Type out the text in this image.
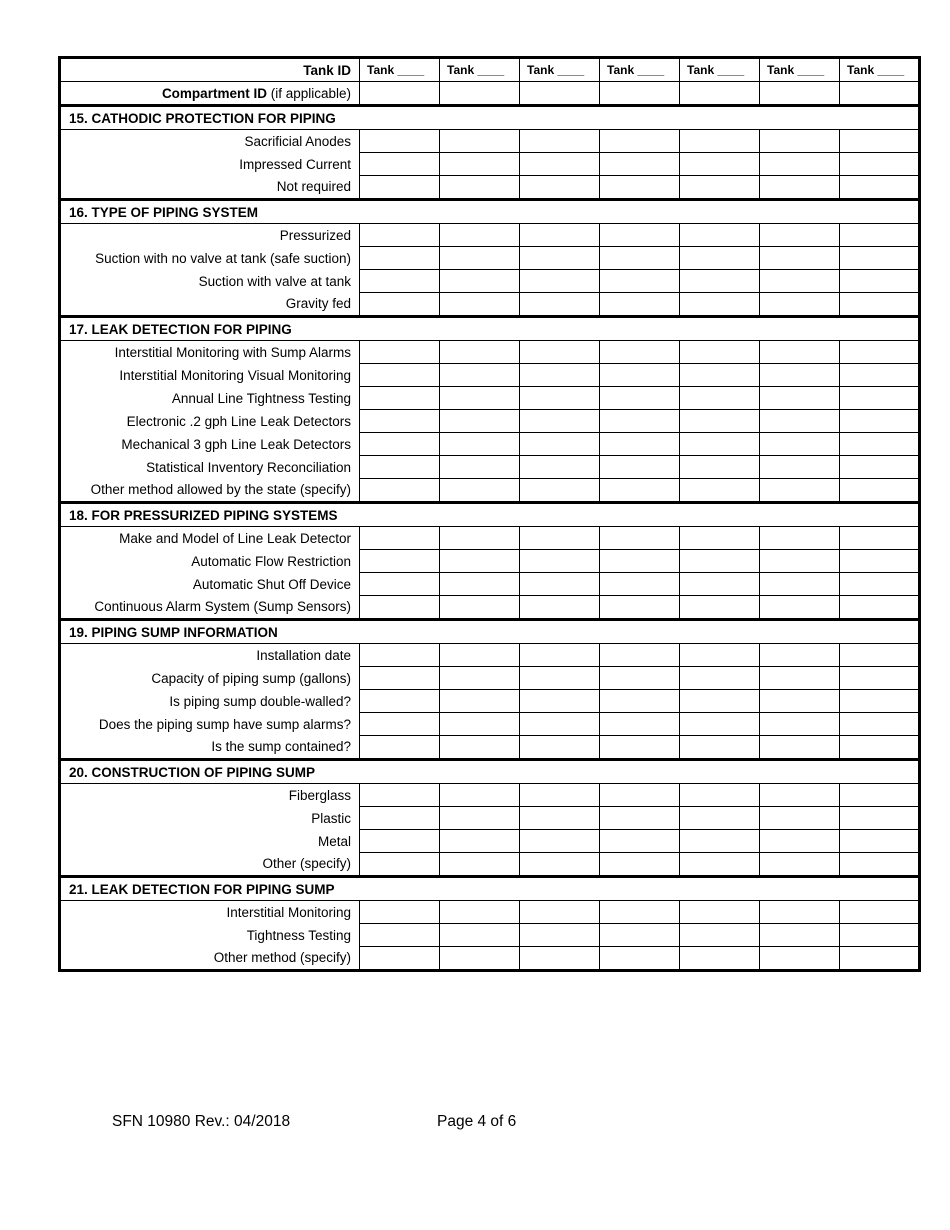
Tank ID	Tank ____	Tank ____	Tank ____	Tank ____	Tank ____	Tank ____	Tank ____
Compartment ID (if applicable)							
15. CATHODIC PROTECTION FOR PIPING							
Sacrificial Anodes							
Impressed Current							
Not required							
16. TYPE OF PIPING SYSTEM							
Pressurized							
Suction with no valve at tank (safe suction)							
Suction with valve at tank							
Gravity fed							
17. LEAK DETECTION FOR PIPING							
Interstitial Monitoring with Sump Alarms							
Interstitial Monitoring Visual Monitoring							
Annual Line Tightness Testing							
Electronic .2 gph Line Leak Detectors							
Mechanical 3 gph Line Leak Detectors							
Statistical Inventory Reconciliation							
Other method allowed by the state (specify)							
18. FOR PRESSURIZED PIPING SYSTEMS							
Make and Model of Line Leak Detector							
Automatic Flow Restriction							
Automatic Shut Off Device							
Continuous Alarm System (Sump Sensors)							
19. PIPING SUMP INFORMATION							
Installation date							
Capacity of piping sump (gallons)							
Is piping sump double-walled?							
Does the piping sump have sump alarms?							
Is the sump contained?							
20. CONSTRUCTION OF PIPING SUMP							
Fiberglass							
Plastic							
Metal							
Other (specify)							
21. LEAK DETECTION FOR PIPING SUMP							
Interstitial Monitoring							
Tightness Testing							
Other method (specify)							
SFN 10980 Rev.: 04/2018	Page 4 of 6
